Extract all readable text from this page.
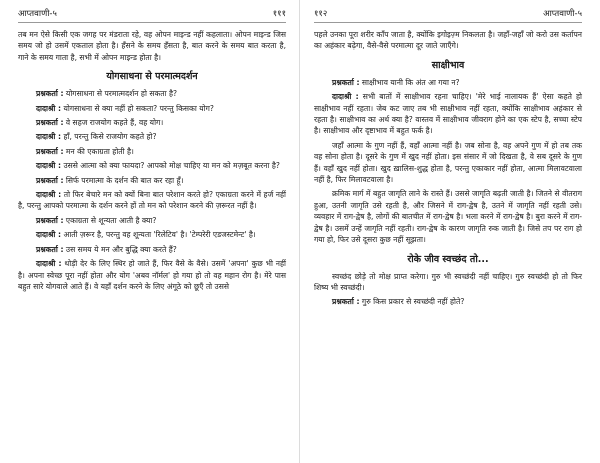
आप्तवाणी-५	१११

तब मन ऐसे किसी एक जगह पर मंडराता रहे, वह ओपन माइन्ड नहीं कहलाता। ओपन माइन्ड जिस समय जो हो उसमें एकताल होता है। हँसने के समय हँसता है, बात करने के समय बात करता है, गाने के समय गाता है, सभी में ओपन माइन्ड होता है।

योगसाधना से परमात्मदर्शन

प्रश्नकर्ता : योगसाधना से परमात्मदर्शन हो सकता है?

दादाश्री : योगसाधना से क्या नहीं हो सकता? परन्तु किसका योग?

प्रश्नकर्ता : वे सहज राजयोग कहते हैं, वह योग।

दादाश्री : हाँ, परन्तु किसे राजयोग कहते हो?

प्रश्नकर्ता : मन की एकाग्रता होती है।

दादाश्री : उससे आत्मा को क्या फायदा? आपको मोक्ष चाहिए या मन को मज़बूत करना है?

प्रश्नकर्ता : सिर्फ परमात्मा के दर्शन की बात कर रहा हूँ।

दादाश्री : तो फिर बेचारे मन को क्यों बिना बात परेशान करते हो? एकाग्रता करने में हर्ज नहीं है, परन्तु आपको परमात्मा के दर्शन करने हों तो मन को परेशान करने की ज़रूरत नहीं है।

प्रश्नकर्ता : एकाग्रता से शून्यता आती है क्या?

दादाश्री : आती ज़रूर है, परन्तु वह शून्यता 'रिलेटिव' है। 'टेम्परेरी एडजस्टमेन्ट' है।

प्रश्नकर्ता : उस समय ये मन और बुद्धि क्या करते हैं?

दादाश्री : थोड़ी देर के लिए स्थिर हो जाते हैं, फिर वैसे के वैसे। उसमें 'अपना' कुछ भी नहीं है। अपना स्वेच्छ पूरा नहीं होता और योग 'अबव नॉर्मल' हो गया हो तो वह महान रोग है। मेरे पास बहुत सारे योगवाले आते हैं। वे यहाँ दर्शन करने के लिए अंगूठे को छूएँ तो उससे

११२	आप्तवाणी-५

पहले उनका पूरा शरीर काँप जाता है, क्योंकि इगोइज़्म निकलता है। जहाँ-जहाँ जो करो उस कर्तापन का अहंकार बढ़ेगा, वैसे-वैसे परमात्मा दूर जाते जाएँगे।

साक्षीभाव

प्रश्नकर्ता : साक्षीभाव यानी कि अंत आ गया न?

दादाश्री : सभी बातों में साक्षीभाव रहना चाहिए। 'मेरे भाई नालायक हैं' ऐसा कहते हो साक्षीभाव नहीं रहता। जेब कट जाए तब भी साक्षीभाव नहीं रहता, क्योंकि साक्षीभाव अहंकार से रहता है। साक्षीभाव का अर्थ क्या है? वास्तव में साक्षीभाव जीवराग होने का एक स्टेप है, सच्चा स्टेप है। साक्षीभाव और दृष्टाभाव में बहुत फर्क है।

जहाँ आत्मा के गुण नहीं हैं, वहाँ आत्मा नहीं है। जब सोना है, वह अपने गुण में हो तब तक वह सोना होता है। दूसरे के गुण में खुद नहीं होता। इस संसार में जो दिखता है, वे सब दूसरे के गुण हैं। वहाँ खुद नहीं होता। खुद ख़ालिस-शुद्ध होता है, परन्तु एकाकार नहीं होता, आत्मा मिलावटवाला नहीं है, फिर मिलावटवाला है।

क्रमिक मार्ग में बहुत जागृति लाने के रास्ते हैं। उससे जागृति बढ़ती जाती है। जितने से वीतराग हुआ, उतनी जागृति उसे रहती है, और जिसने में राग-द्वेष है, उतने में जागृति नहीं रहती उसे। व्यवहार में राग-द्वेष है, लोगों की बातचीत में राग-द्वेष है। भला करने में राग-द्वेष है। बुरा करने में राग-द्वेष है। उसमें उन्हें जागृति नहीं रहती। राग-द्वेष के कारण जागृति रुक जाती है। जिसे तप पर राग हो गया हो, फिर उसे दूसरा कुछ नहीं सूझता।

रोके जीव स्वच्छंद तो...

स्वच्छंद छोड़े तो मोक्ष प्राप्त करेगा। गुरु भी स्वच्छंदी नहीं चाहिए। गुरु स्वच्छंदी हो तो फिर शिष्य भी स्वच्छंदी।

प्रश्नकर्ता : गुरु किस प्रकार से स्वच्छंदी नहीं होते?
